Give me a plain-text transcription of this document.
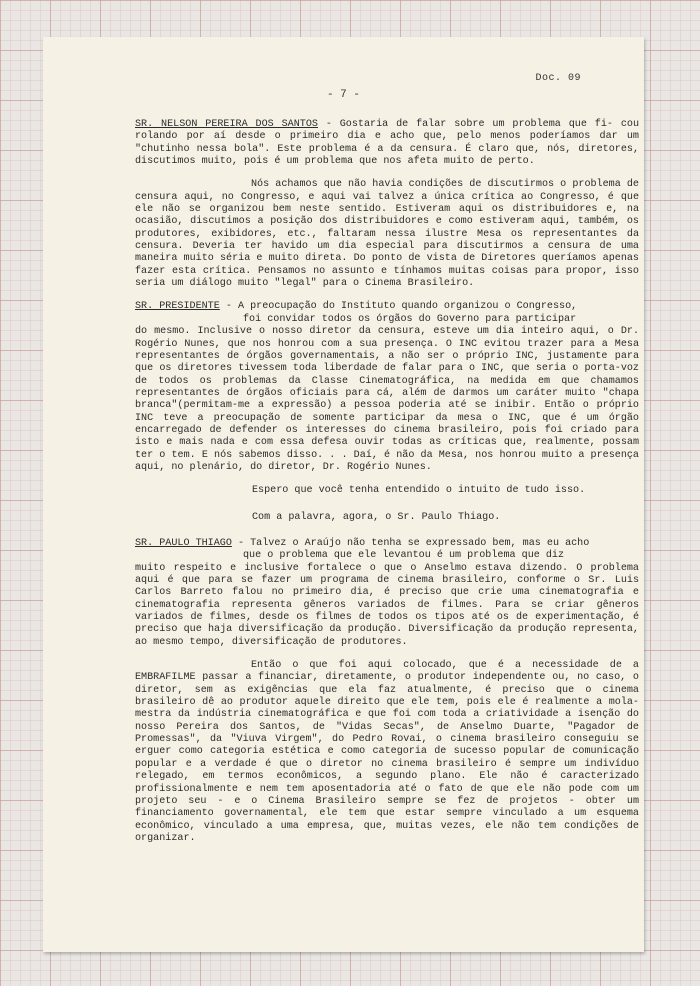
Doc. 09
- 7 -

SR. NELSON PEREIRA DOS SANTOS - Gostaria de falar sobre um problema que fi- cou rolando por aí desde o primeiro dia e acho que, pelo menos poderíamos dar um "chutinho nessa bola". Este problema é a da censura. É claro que, nós, diretores, discutimos muito, pois é um problema que nos afeta muito de perto.

Nós achamos que não havia condições de discutirmos o problema de censura aqui, no Congresso, e aqui vai talvez a única crítica ao Congresso, é que ele não se organizou bem neste sentido. Estiveram aqui os distribuidores e, na ocasião, discutimos a posição dos distribuidores e como estiveram aqui, também, os produtores, exibidores, etc., faltaram nessa ilustre Mesa os representantes da censura. Deveria ter havido um dia especial para discutirmos a censura de uma maneira muito séria e muito direta. Do ponto de vista de Diretores queríamos apenas fazer esta crítica. Pensamos no assunto e tínhamos muitas coisas para propor, isso seria um diálogo muito "legal" para o Cinema Brasileiro.

SR. PRESIDENTE - A preocupação do Instituto quando organizou o Congresso,
foi convidar todos os órgãos do Governo para participar
do mesmo. Inclusive o nosso diretor da censura, esteve um dia inteiro aqui, o Dr. Rogério Nunes, que nos honrou com a sua presença. O INC evitou trazer para a Mesa representantes de órgãos governamentais, a não ser o próprio INC, justamente para que os diretores tivessem toda liberdade de falar para o INC, que seria o porta-voz de todos os problemas da Classe Cinematográfica, na medida em que chamamos representantes de órgãos oficiais para cá, além de darmos um caráter muito "chapa branca"(permitam-me a expressão) a pessoa poderia até se inibir. Então o próprio INC teve a preocupação de somente participar da mesa o INC, que é um órgão encarregado de defender os interesses do cinema brasileiro, pois foi criado para isto e mais nada e com essa defesa ouvir todas as críticas que, realmente, possam ter o tem. E nós sabemos disso. . . Daí, é não da Mesa, nos honrou muito a presença aqui, no plenário, do diretor, Dr. Rogério Nunes.

Espero que você tenha entendido o intuito de tudo isso.

Com a palavra, agora, o Sr. Paulo Thiago.

SR. PAULO THIAGO - Talvez o Araújo não tenha se expressado bem, mas eu acho
que o problema que ele levantou é um problema que diz
muito respeito e inclusive fortalece o que o Anselmo estava dizendo. O problema aqui é que para se fazer um programa de cinema brasileiro, conforme o Sr. Luis Carlos Barreto falou no primeiro dia, é preciso que crie uma cinematografia e cinematografia representa gêneros variados de filmes. Para se criar gêneros variados de filmes, desde os filmes de todos os tipos até os de experimentação, é preciso que haja diversificação da produção. Diversificação da produção representa, ao mesmo tempo, diversificação de produtores.

Então o que foi aqui colocado, que é a necessidade de a EMBRAFILME passar a financiar, diretamente, o produtor independente ou, no caso, o diretor, sem as exigências que ela faz atualmente, é preciso que o cinema brasileiro dê ao produtor aquele direito que ele tem, pois ele é realmente a mola-mestra da indústria cinematográfica e que foi com toda a criatividade a isenção do nosso Pereira dos Santos, de "Vidas Secas", de Anselmo Duarte, "Pagador de Promessas", da "Viuva Virgem", do Pedro Rovai, o cinema brasileiro conseguiu se erguer como categoria estética e como categoria de sucesso popular de comunicação popular e a verdade é que o diretor no cinema brasileiro é sempre um indivíduo relegado, em termos econômicos, a segundo plano. Ele não é caracterizado profissionalmente e nem tem aposentadoria até o fato de que ele não pode com um projeto seu - e o Cinema Brasileiro sempre se fez de projetos - obter um financiamento governamental, ele tem que estar sempre vinculado a um esquema econômico, vinculado a uma empresa, que, muitas vezes, ele não tem condições de organizar.
